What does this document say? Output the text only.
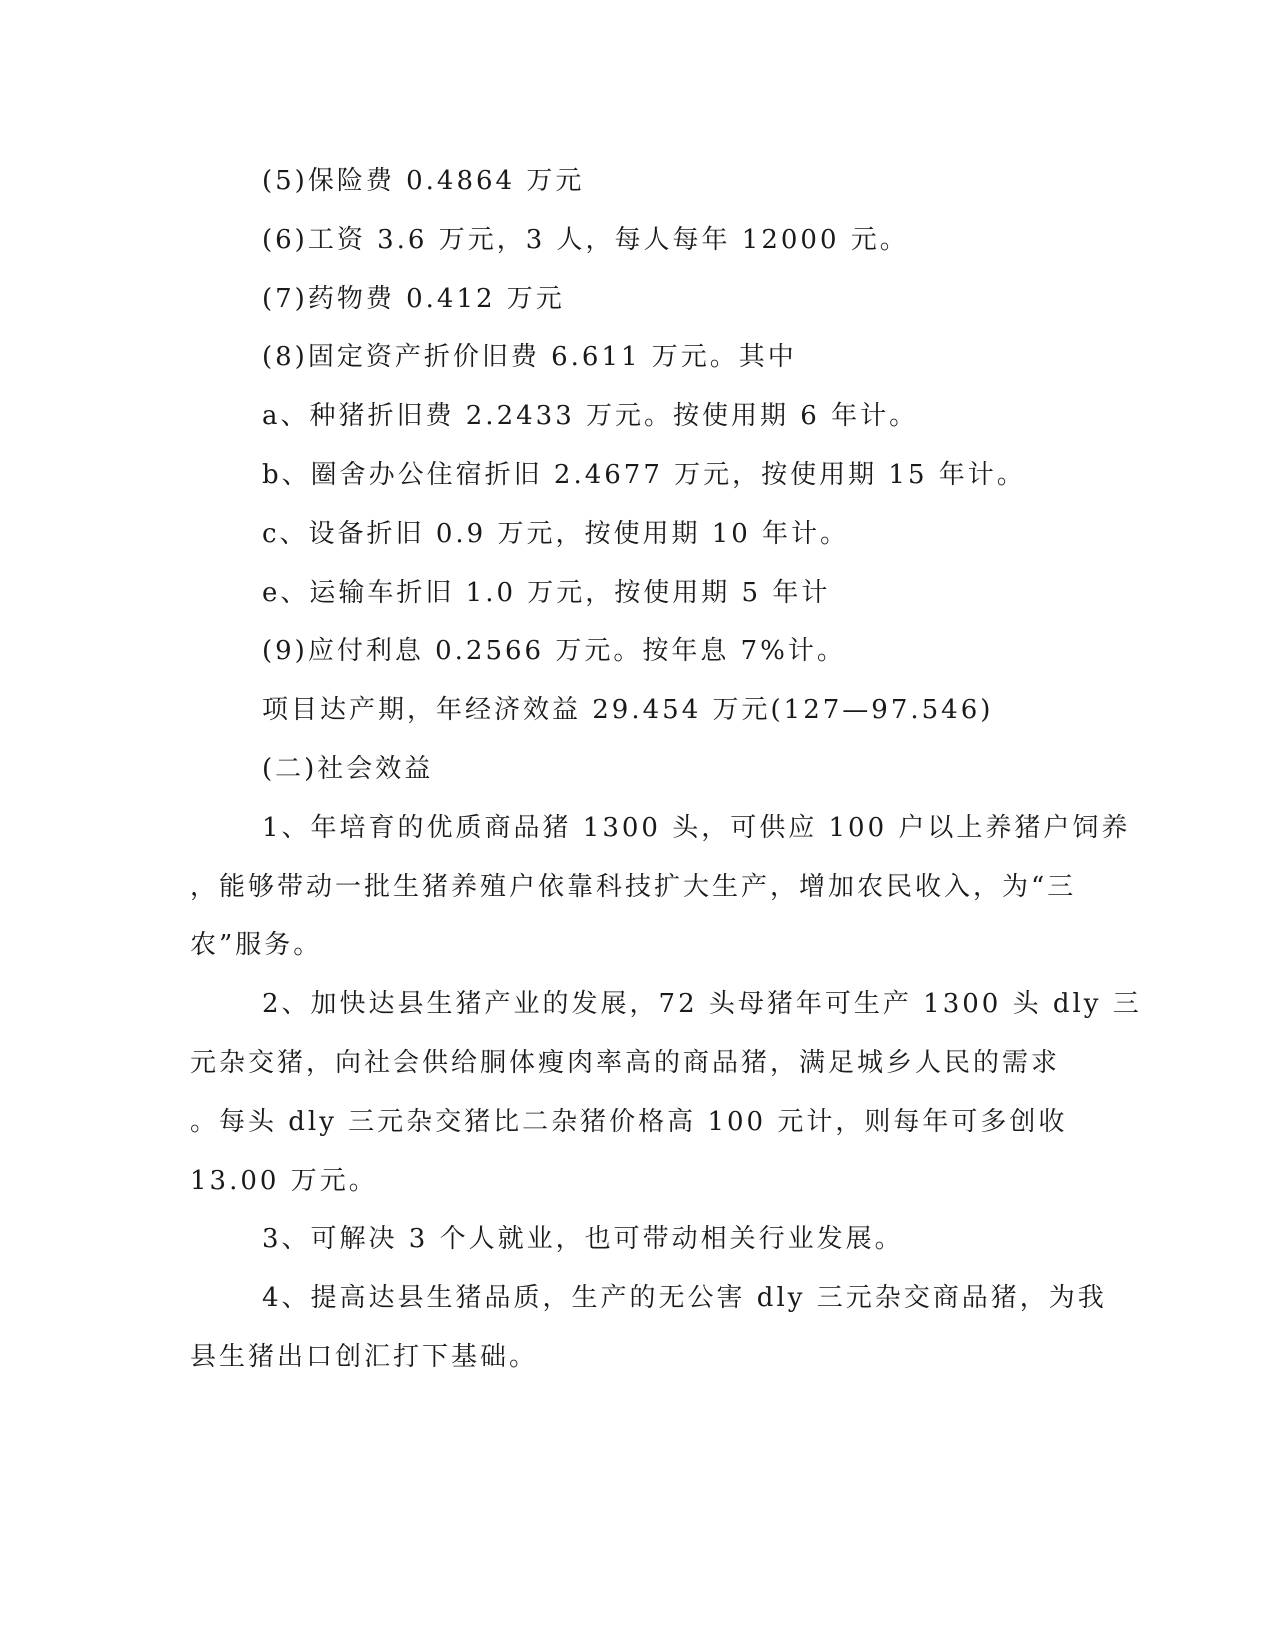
(5)保险费 0.4864 万元
(6)工资 3.6 万元，3 人，每人每年 12000 元。
(7)药物费 0.412 万元
(8)固定资产折价旧费 6.611 万元。其中
a、种猪折旧费 2.2433 万元。按使用期 6 年计。
b、圈舍办公住宿折旧 2.4677 万元，按使用期 15 年计。
c、设备折旧 0.9 万元，按使用期 10 年计。
e、运输车折旧 1.0 万元，按使用期 5 年计
(9)应付利息 0.2566 万元。按年息 7%计。
项目达产期，年经济效益 29.454 万元(127—97.546)
(二)社会效益
1、年培育的优质商品猪 1300 头，可供应 100 户以上养猪户饲养
，能够带动一批生猪养殖户依靠科技扩大生产，增加农民收入，为“三
农”服务。
2、加快达县生猪产业的发展，72 头母猪年可生产 1300 头 dly 三
元杂交猪，向社会供给胴体瘦肉率高的商品猪，满足城乡人民的需求
。每头 dly 三元杂交猪比二杂猪价格高 100 元计，则每年可多创收
13.00 万元。
3、可解决 3 个人就业，也可带动相关行业发展。
4、提高达县生猪品质，生产的无公害 dly 三元杂交商品猪，为我
县生猪出口创汇打下基础。
